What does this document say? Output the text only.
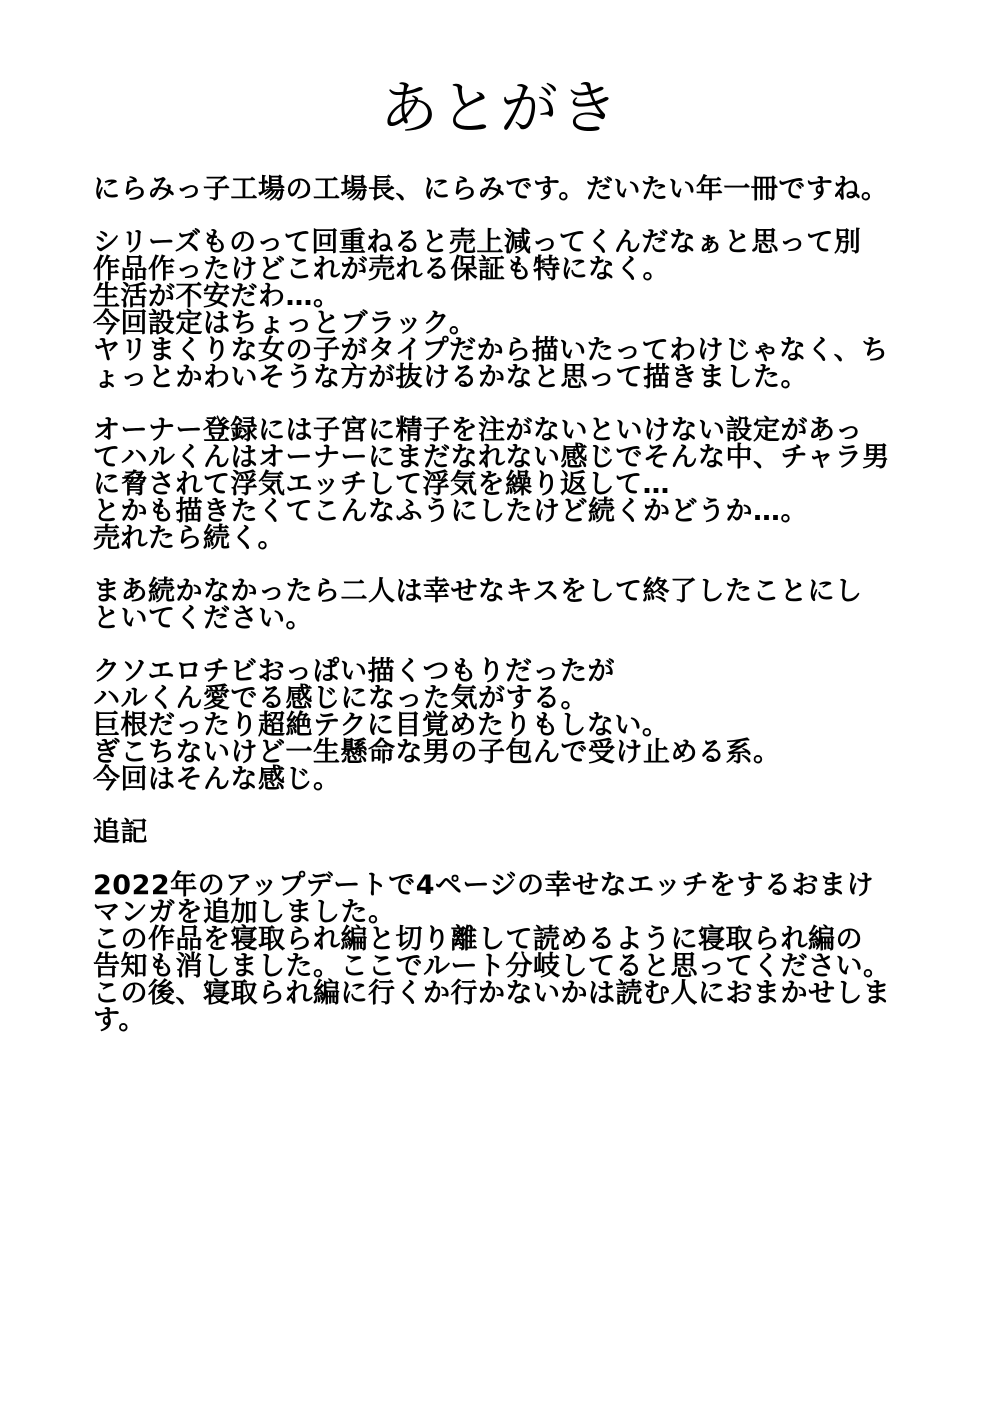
あとがき
にらみっ子工場の工場長、にらみです。だいたい年一冊ですね。
シリーズものって回重ねると売上減ってくんだなぁと思って別
作品作ったけどこれが売れる保証も特になく。
生活が不安だわ…。
今回設定はちょっとブラック。
ヤリまくりな女の子がタイプだから描いたってわけじゃなく、ち
ょっとかわいそうな方が抜けるかなと思って描きました。
オーナー登録には子宮に精子を注がないといけない設定があっ
てハルくんはオーナーにまだなれない感じでそんな中、チャラ男
に脅されて浮気エッチして浮気を繰り返して…
とかも描きたくてこんなふうにしたけど続くかどうか…。
売れたら続く。
まあ続かなかったら二人は幸せなキスをして終了したことにし
といてください。
クソエロチビおっぱい描くつもりだったが
ハルくん愛でる感じになった気がする。
巨根だったり超絶テクに目覚めたりもしない。
ぎこちないけど一生懸命な男の子包んで受け止める系。
今回はそんな感じ。
追記
2022年のアップデートで4ページの幸せなエッチをするおまけ
マンガを追加しました。
この作品を寝取られ編と切り離して読めるように寝取られ編の
告知も消しました。ここでルート分岐してると思ってください。
この後、寝取られ編に行くか行かないかは読む人におまかせしま
す。
